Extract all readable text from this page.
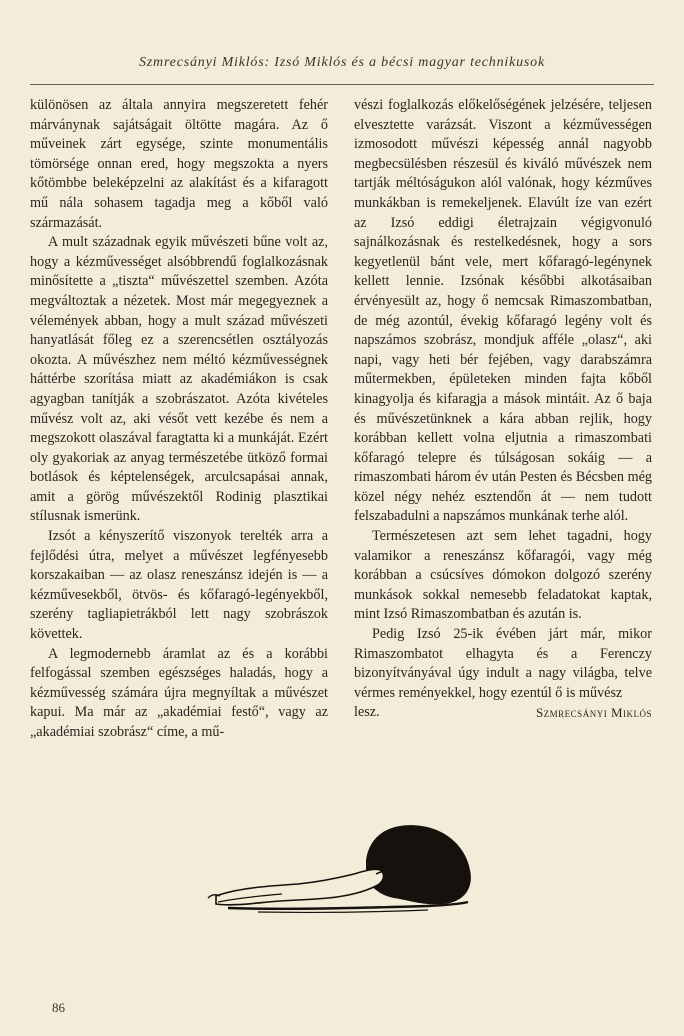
Szmrecsányi Miklós: Izsó Miklós és a bécsi magyar technikusok

különösen az általa annyira megszeretett fehér márványnak sajátságait öltötte magára. Az ő műveinek zárt egysége, szinte monumentális tömörsége onnan ered, hogy megszokta a nyers kőtömbbe beleképzelni az alakítást és a kifaragott mű nála sohasem tagadja meg a kőből való származását.

A mult századnak egyik művészeti bűne volt az, hogy a kézművességet alsóbbrendű foglalkozásnak minősítette a „tiszta“ művészettel szemben. Azóta megváltoztak a nézetek. Most már megegyeznek a vélemények abban, hogy a mult század művészeti hanyatlását főleg ez a szerencsétlen osztályozás okozta. A művészhez nem méltó kézművességnek háttérbe szorítása miatt az akadémiákon is csak agyagban tanítják a szobrászatot. Azóta kivételes művész volt az, aki vésőt vett kezébe és nem a megszokott olaszával faragtatta ki a munkáját. Ezért oly gyakoriak az anyag természetébe ütköző formai botlások és képtelenségek, arculcsapásai annak, amit a görög művészektől Rodinig plasztikai stílusnak ismerünk.

Izsót a kényszerítő viszonyok terelték arra a fejlődési útra, melyet a művészet legfényesebb korszakaiban — az olasz reneszánsz idején is — a kézművesekből, ötvös- és kőfaragó-legényekből, szerény tagliapietrákból lett nagy szobrászok követtek.

A legmodernebb áramlat az és a korábbi felfogással szemben egészséges haladás, hogy a kézművesség számára újra megnyíltak a művészet kapui. Ma már az „akadémiai festő“, vagy az „akadémiai szobrász“ címe, a mű-

vészi foglalkozás előkelőségének jelzésére, teljesen elvesztette varázsát. Viszont a kézművességen izmosodott művészi képesség annál nagyobb megbecsülésben részesül és kiváló művészek nem tartják méltóságukon alól valónak, hogy kézműves munkákban is remekeljenek. Elavúlt íze van ezért az Izsó eddigi életrajzain végigvonuló sajnálkozásnak és restelkedésnek, hogy a sors kegyetlenül bánt vele, mert kőfaragó-legénynek kellett lennie. Izsónak későbbi alkotásaiban érvényesült az, hogy ő nemcsak Rimaszombatban, de még azontúl, évekig kőfaragó legény volt és napszámos szobrász, mondjuk afféle „olasz“, aki napi, vagy heti bér fejében, vagy darabszámra műtermekben, épületeken minden fajta kőből kinagyolja és kifaragja a mások mintáit. Az ő baja és művészetünknek a kára abban rejlik, hogy korábban kellett volna eljutnia a rimaszombati kőfaragó telepre és túlságosan sokáig — a rimaszombati három év után Pesten és Bécsben még közel négy nehéz esztendőn át — nem tudott felszabadulni a napszámos munkának terhe alól.

Természetesen azt sem lehet tagadni, hogy valamikor a reneszánsz kőfaragói, vagy még korábban a csúcsíves dómokon dolgozó szerény munkások sokkal nemesebb feladatokat kaptak, mint Izsó Rimaszombatban és azután is.

Pedig Izsó 25-ik évében járt már, mikor Rimaszombatot elhagyta és a Ferenczy bizonyítványával úgy indult a nagy világba, telve vérmes reményekkel, hogy ezentúl ő is művész

lesz.	Szmrecsányi Miklós
86
